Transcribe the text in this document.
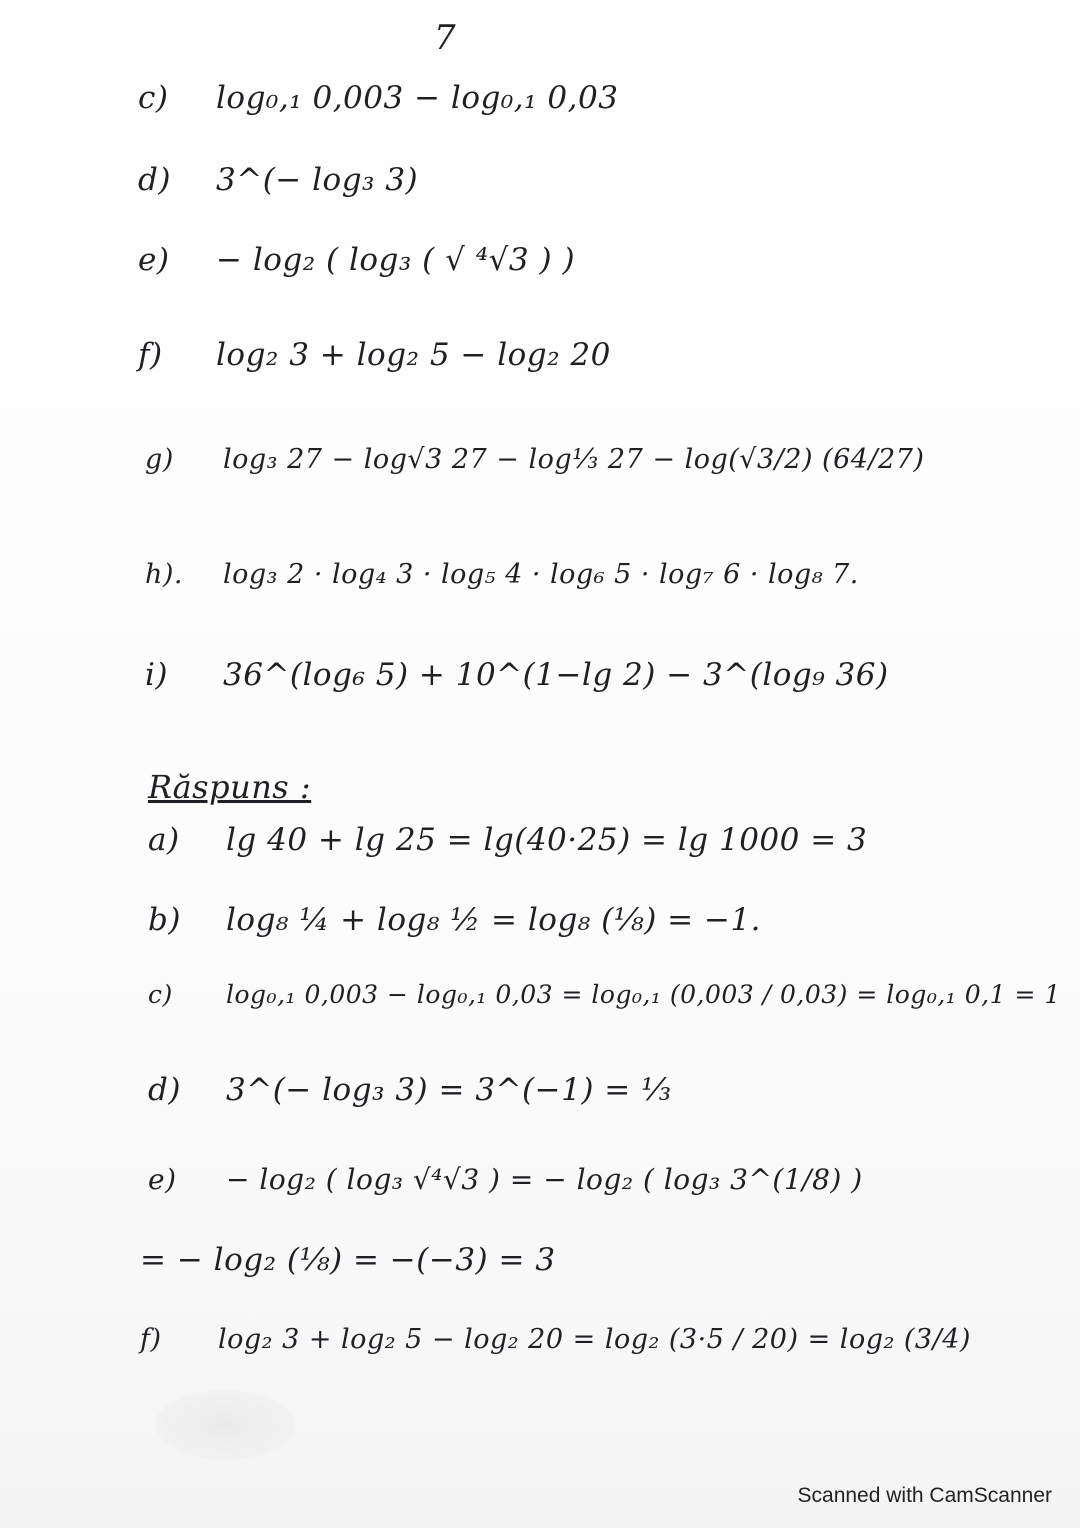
7
c) log₀,₁ 0,003 − log₀,₁ 0,03
d) 3^(− log₃ 3)
e) − log₂ ( log₃ ( √ ⁴√3 ) )
f) log₂ 3 + log₂ 5 − log₂ 20
g) log₃ 27 − log√3 27 − log⅓ 27 − log(√3/2) (64/27)
h). log₃ 2 · log₄ 3 · log₅ 4 · log₆ 5 · log₇ 6 · log₈ 7.
i) 36^(log₆ 5) + 10^(1−lg 2) − 3^(log₉ 36)
Răspuns :
a) lg 40 + lg 25 = lg(40·25) = lg 1000 = 3
b) log₈ ¼ + log₈ ½ = log₈ (⅛) = −1.
c) log₀,₁ 0,003 − log₀,₁ 0,03 = log₀,₁ (0,003 / 0,03) = log₀,₁ 0,1 = 1
d) 3^(− log₃ 3) = 3^(−1) = ⅓
e) − log₂ ( log₃ √⁴√3 ) = − log₂ ( log₃ 3^(1/8) )
= − log₂ (⅛) = −(−3) = 3
f) log₂ 3 + log₂ 5 − log₂ 20 = log₂ (3·5 / 20) = log₂ (3/4)
Scanned with CamScanner
